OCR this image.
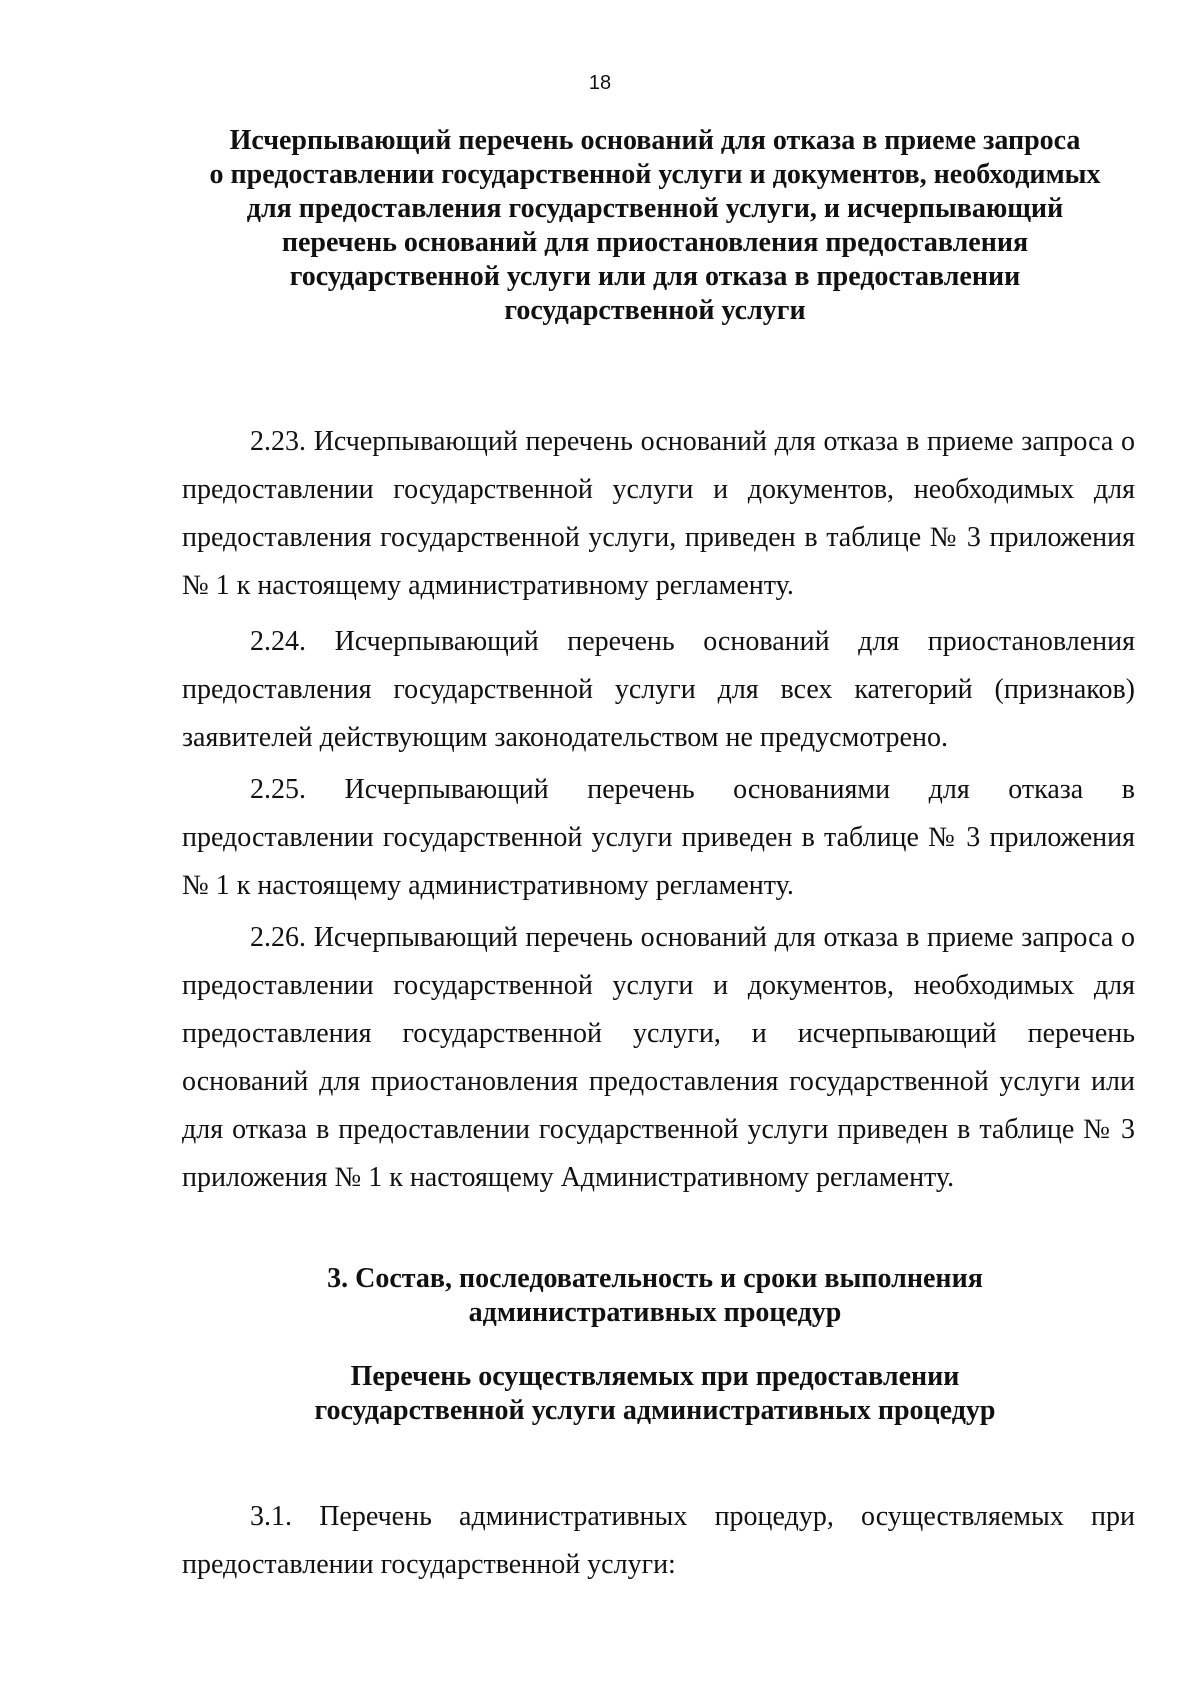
18
Исчерпывающий перечень оснований для отказа в приеме запроса
о предоставлении государственной услуги и документов, необходимых
для предоставления государственной услуги, и исчерпывающий
перечень оснований для приостановления предоставления
государственной услуги или для отказа в предоставлении
государственной услуги
2.23. Исчерпывающий перечень оснований для отказа в приеме запроса о предоставлении государственной услуги и документов, необходимых для предоставления государственной услуги, приведен в таблице № 3 приложения № 1 к настоящему административному регламенту.
2.24. Исчерпывающий перечень оснований для приостановления предоставления государственной услуги для всех категорий (признаков) заявителей действующим законодательством не предусмотрено.
2.25. Исчерпывающий перечень основаниями для отказа в предоставлении государственной услуги приведен в таблице № 3 приложения № 1 к настоящему административному регламенту.
2.26. Исчерпывающий перечень оснований для отказа в приеме запроса о предоставлении государственной услуги и документов, необходимых для предоставления государственной услуги, и исчерпывающий перечень оснований для приостановления предоставления государственной услуги или для отказа в предоставлении государственной услуги приведен в таблице № 3 приложения № 1 к настоящему Административному регламенту.
3. Состав, последовательность и сроки выполнения
административных процедур
Перечень осуществляемых при предоставлении
государственной услуги административных процедур
3.1. Перечень административных процедур, осуществляемых при предоставлении государственной услуги:
